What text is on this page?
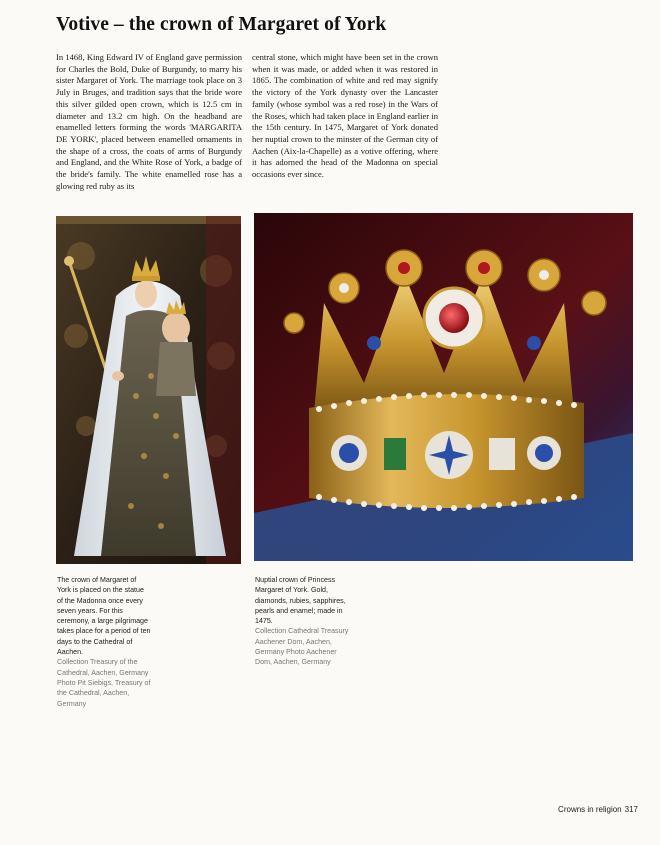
Votive – the crown of Margaret of York

In 1468, King Edward IV of England gave permission for Charles the Bold, Duke of Burgundy, to marry his sister Margaret of York. The marriage took place on 3 July in Bruges, and tradition says that the bride wore this silver gilded open crown, which is 12.5 cm in diameter and 13.2 cm high. On the headband are enamelled letters forming the words 'MARGARITA DE YORK', placed between enamelled ornaments in the shape of a cross, the coats of arms of Burgundy and England, and the White Rose of York, a badge of the bride's family. The white enamelled rose has a glowing red ruby as its

central stone, which might have been set in the crown when it was made, or added when it was restored in 1865. The combination of white and red may signify the victory of the York dynasty over the Lancaster family (whose symbol was a red rose) in the Wars of the Roses, which had taken place in England earlier in the 15th century. In 1475, Margaret of York donated her nuptial crown to the minster of the German city of Aachen (Aix-la-Chapelle) as a votive offering, where it has adorned the head of the Madonna on special occasions ever since.

The crown of Margaret of York is placed on the statue of the Madonna once every seven years. For this ceremony, a large pilgrimage takes place for a period of ten days to the Cathedral of Aachen.
Collection Treasury of the Cathedral, Aachen, Germany Photo Pit Siebigs, Treasury of the Cathedral, Aachen, Germany
Nuptial crown of Princess Margaret of York. Gold, diamonds, rubies, sapphires, pearls and enamel; made in 1475.
Collection Cathedral Treasury Aachener Dom, Aachen, Germany Photo Aachener Dom, Aachen, Germany
Crowns in religion 317
